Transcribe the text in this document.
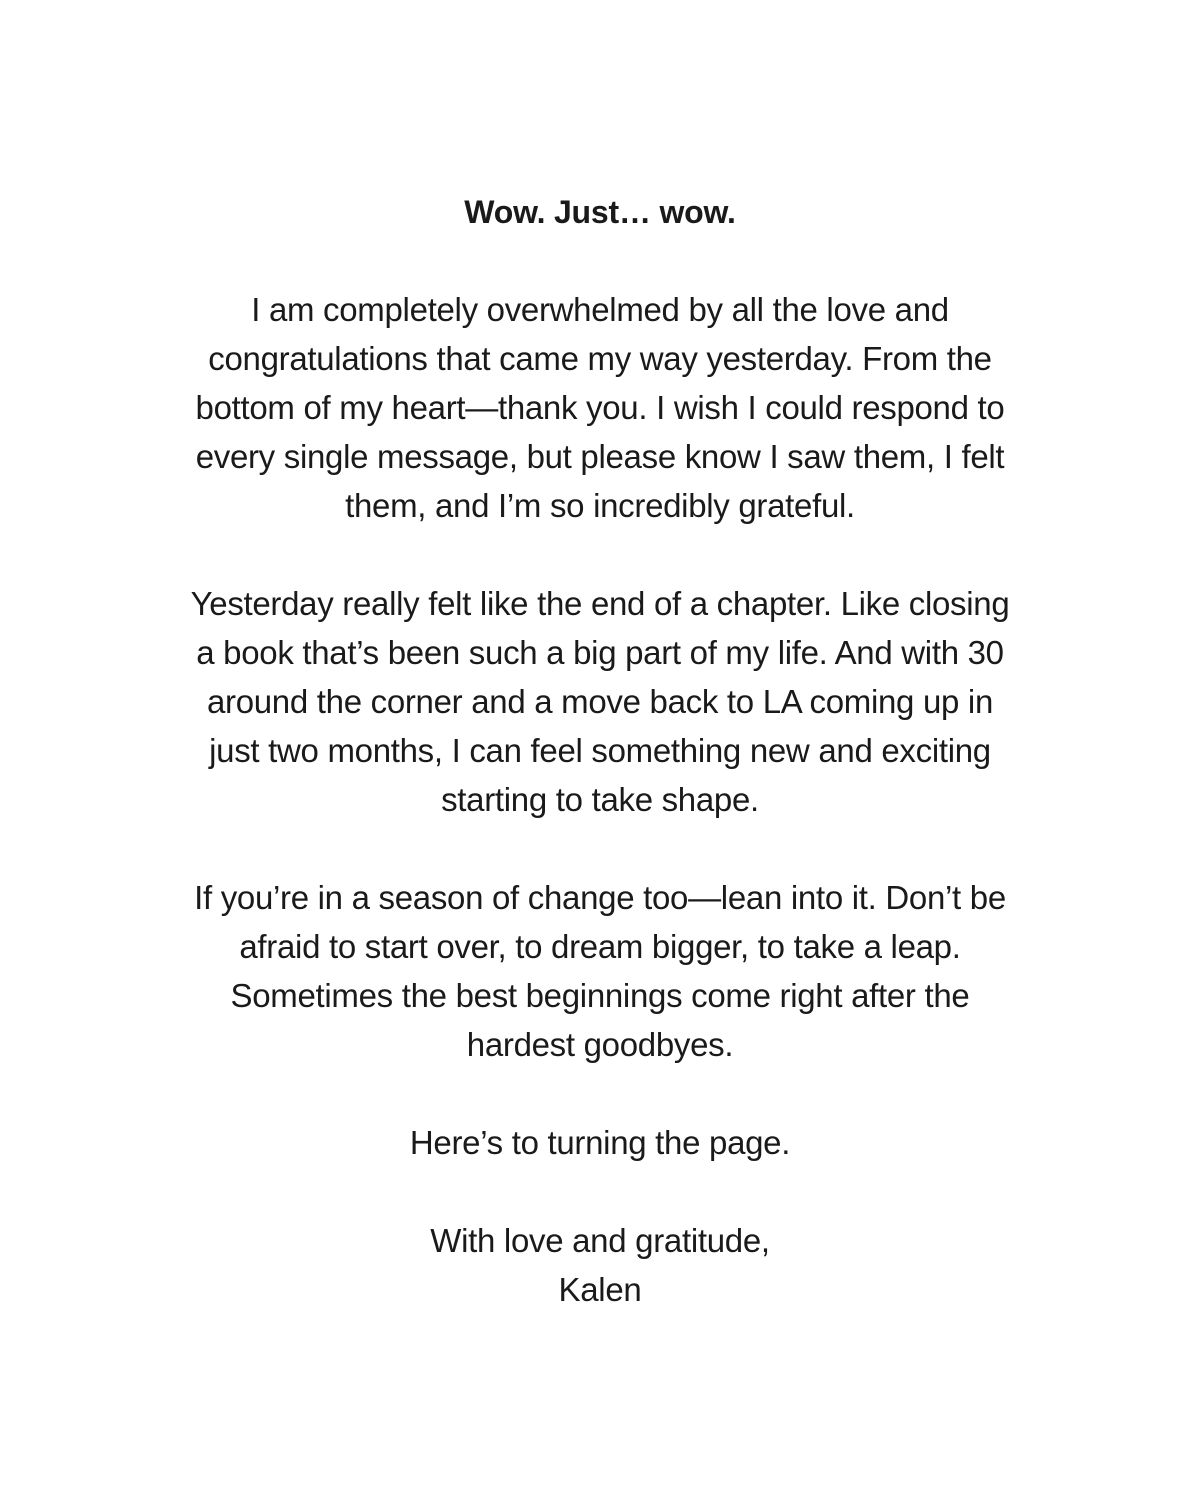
Wow. Just… wow.

I am completely overwhelmed by all the love and
congratulations that came my way yesterday. From the
bottom of my heart—thank you. I wish I could respond to
every single message, but please know I saw them, I felt
them, and I’m so incredibly grateful.

Yesterday really felt like the end of a chapter. Like closing
a book that’s been such a big part of my life. And with 30
around the corner and a move back to LA coming up in
just two months, I can feel something new and exciting
starting to take shape.

If you’re in a season of change too—lean into it. Don’t be
afraid to start over, to dream bigger, to take a leap.
Sometimes the best beginnings come right after the
hardest goodbyes.

Here’s to turning the page.

With love and gratitude,
Kalen
